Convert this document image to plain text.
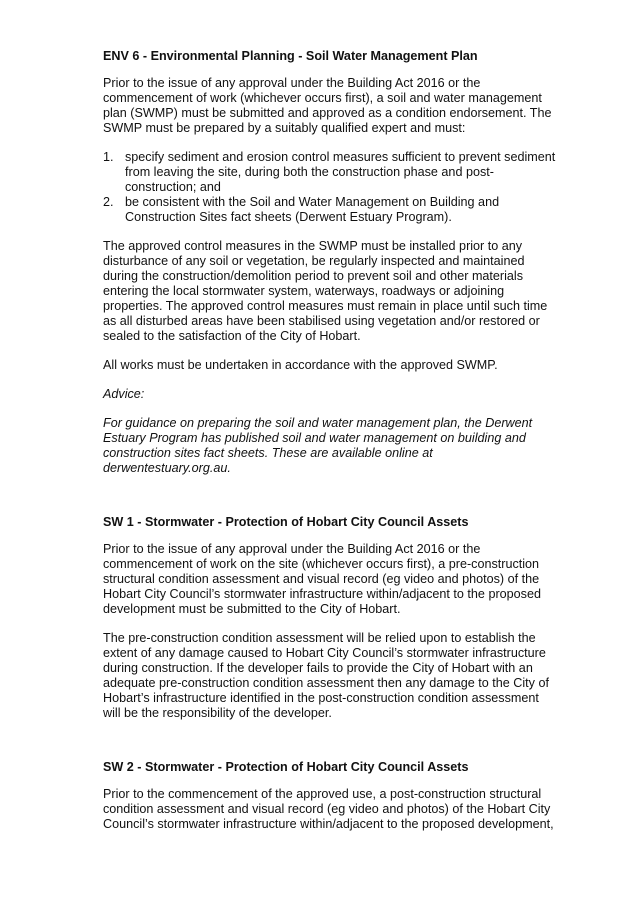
ENV 6 - Environmental Planning - Soil Water Management Plan

Prior to the issue of any approval under the Building Act 2016 or the commencement of work (whichever occurs first), a soil and water management plan (SWMP) must be submitted and approved as a condition endorsement. The SWMP must be prepared by a suitably qualified expert and must:

1. specify sediment and erosion control measures sufficient to prevent sediment from leaving the site, during both the construction phase and post-construction; and
2. be consistent with the Soil and Water Management on Building and Construction Sites fact sheets (Derwent Estuary Program).

The approved control measures in the SWMP must be installed prior to any disturbance of any soil or vegetation, be regularly inspected and maintained during the construction/demolition period to prevent soil and other materials entering the local stormwater system, waterways, roadways or adjoining properties. The approved control measures must remain in place until such time as all disturbed areas have been stabilised using vegetation and/or restored or sealed to the satisfaction of the City of Hobart.

All works must be undertaken in accordance with the approved SWMP.

Advice:

For guidance on preparing the soil and water management plan, the Derwent Estuary Program has published soil and water management on building and construction sites fact sheets. These are available online at derwentestuary.org.au.

SW 1 - Stormwater - Protection of Hobart City Council Assets

Prior to the issue of any approval under the Building Act 2016 or the commencement of work on the site (whichever occurs first), a pre-construction structural condition assessment and visual record (eg video and photos) of the Hobart City Council’s stormwater infrastructure within/adjacent to the proposed development must be submitted to the City of Hobart.

The pre-construction condition assessment will be relied upon to establish the extent of any damage caused to Hobart City Council’s stormwater infrastructure during construction. If the developer fails to provide the City of Hobart with an adequate pre-construction condition assessment then any damage to the City of Hobart’s infrastructure identified in the post-construction condition assessment will be the responsibility of the developer.

SW 2 - Stormwater - Protection of Hobart City Council Assets

Prior to the commencement of the approved use, a post-construction structural condition assessment and visual record (eg video and photos) of the Hobart City Council’s stormwater infrastructure within/adjacent to the proposed development,
